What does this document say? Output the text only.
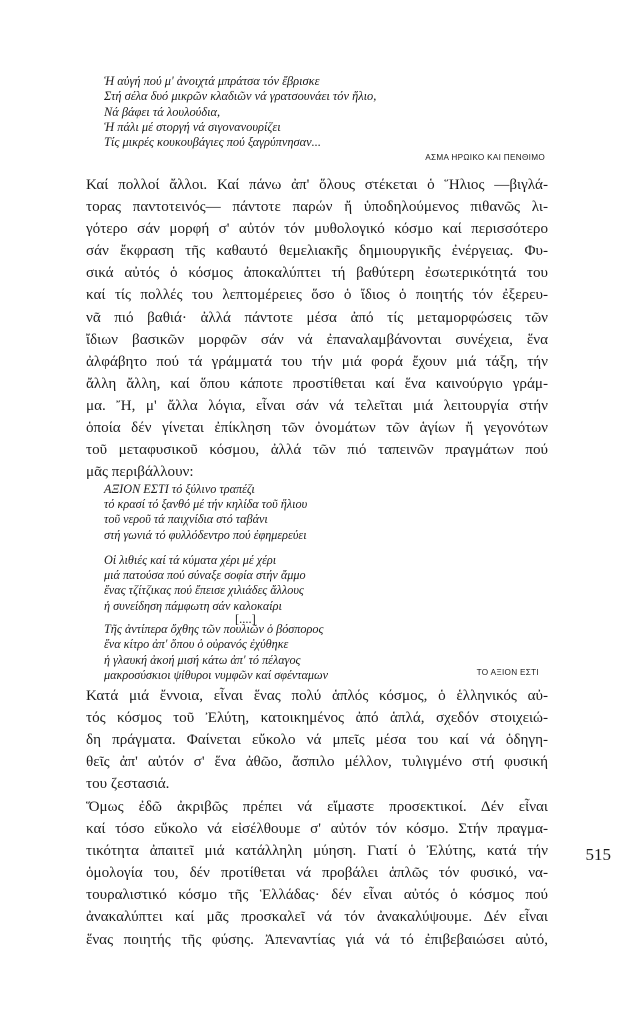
Ἡ αὐγή πού μ' ἀνοιχτά μπράτσα τόν ἔβρισκε
Στή σέλα δυό μικρῶν κλαδιῶν νά γρατσουνάει τόν ἥλιο,
Νά βάφει τά λουλούδια,
Ἡ πάλι μέ στοργή νά σιγονανουρίζει
Τίς μικρές κουκουβάγιες πού ξαγρύπνησαν...
ΑΣΜΑ ΗΡΩΙΚΟ ΚΑΙ ΠΕΝΘΙΜΟ
Καί πολλοί ἄλλοι. Καί πάνω ἀπ' ὅλους στέκεται ὁ Ἥλιος —βιγλά-
τορας παντοτεινός— πάντοτε παρών ἤ ὑποδηλούμενος πιθανῶς λι-
γότερο σάν μορφή σ' αὐτόν τόν μυθολογικό κόσμο καί περισσότερο
σάν ἔκφραση τῆς καθαυτό θεμελιακῆς δημιουργικῆς ἐνέργειας. Φυ-
σικά αὐτός ὁ κόσμος ἀποκαλύπτει τή βαθύτερη ἐσωτερικότητά του
καί τίς πολλές του λεπτομέρειες ὅσο ὁ ἴδιος ὁ ποιητής τόν ἐξερευ-
νᾶ πιό βαθιά· ἀλλά πάντοτε μέσα ἀπό τίς μεταμορφώσεις τῶν
ἴδιων βασικῶν μορφῶν σάν νά ἐπαναλαμβάνονται συνέχεια, ἕνα
ἀλφάβητο πού τά γράμματά του τήν μιά φορά ἔχουν μιά τάξη, τήν
ἄλλη ἄλλη, καί ὅπου κάποτε προστίθεται καί ἕνα καινούργιο γράμ-
μα. Ἤ, μ' ἄλλα λόγια, εἶναι σάν νά τελεῖται μιά λειτουργία στήν
ὁποία δέν γίνεται ἐπίκληση τῶν ὀνομάτων τῶν ἁγίων ἤ γεγονότων
τοῦ μεταφυσικοῦ κόσμου, ἀλλά τῶν πιό ταπεινῶν πραγμάτων πού
μᾶς περιβάλλουν:
ΑΞΙΟΝ ΕΣΤΙ τό ξύλινο τραπέζι
τό κρασί τό ξανθό μέ τήν κηλίδα τοῦ ἥλιου
τοῦ νεροῦ τά παιχνίδια στό ταβάνι
στή γωνιά τό φυλλόδεντρο πού ἐφημερεύει
Οἱ λιθιές καί τά κύματα χέρι μέ χέρι
μιά πατούσα πού σύναξε σοφία στήν ἄμμο
ἕνας τζίτζικας πού ἔπεισε χιλιάδες ἄλλους
ἡ συνείδηση πάμφωτη σάν καλοκαίρι
[....]
Τῆς ἀντίπερα ὄχθης τῶν πουλιῶν ὁ βόσπορος
ἕνα κίτρο ἀπ' ὅπου ὁ οὐρανός ἐχύθηκε
ἡ γλαυκή ἀκοή μισή κάτω ἀπ' τό πέλαγος
μακροσύσκιοι ψίθυροι νυμφῶν καί σφένταμων	ΤΟ ΑΞΙΟΝ ΕΣΤΙ
Κατά μιά ἔννοια, εἶναι ἕνας πολύ ἁπλός κόσμος, ὁ ἑλληνικός αὐ-
τός κόσμος τοῦ Ἐλύτη, κατοικημένος ἀπό ἁπλά, σχεδόν στοιχειώ-
δη πράγματα. Φαίνεται εὔκολο νά μπεῖς μέσα του καί νά ὁδηγη-
θεῖς ἀπ' αὐτόν σ' ἕνα ἀθῶο, ἄσπιλο μέλλον, τυλιγμένο στή φυσική
του ζεστασιά.
Ὅμως ἐδῶ ἀκριβῶς πρέπει νά εἴμαστε προσεκτικοί. Δέν εἶναι
καί τόσο εὔκολο νά εἰσέλθουμε σ' αὐτόν τόν κόσμο. Στήν πραγμα-
τικότητα ἀπαιτεῖ μιά κατάλληλη μύηση. Γιατί ὁ Ἐλύτης, κατά τήν
ὁμολογία του, δέν προτίθεται νά προβάλει ἁπλῶς τόν φυσικό, να-
τουραλιστικό κόσμο τῆς Ἑλλάδας· δέν εἶναι αὐτός ὁ κόσμος πού
ἀνακαλύπτει καί μᾶς προσκαλεῖ νά τόν ἀνακαλύψουμε. Δέν εἶναι
ἕνας ποιητής τῆς φύσης. Ἀπεναντίας γιά νά τό ἐπιβεβαιώσει αὐτό,
515
